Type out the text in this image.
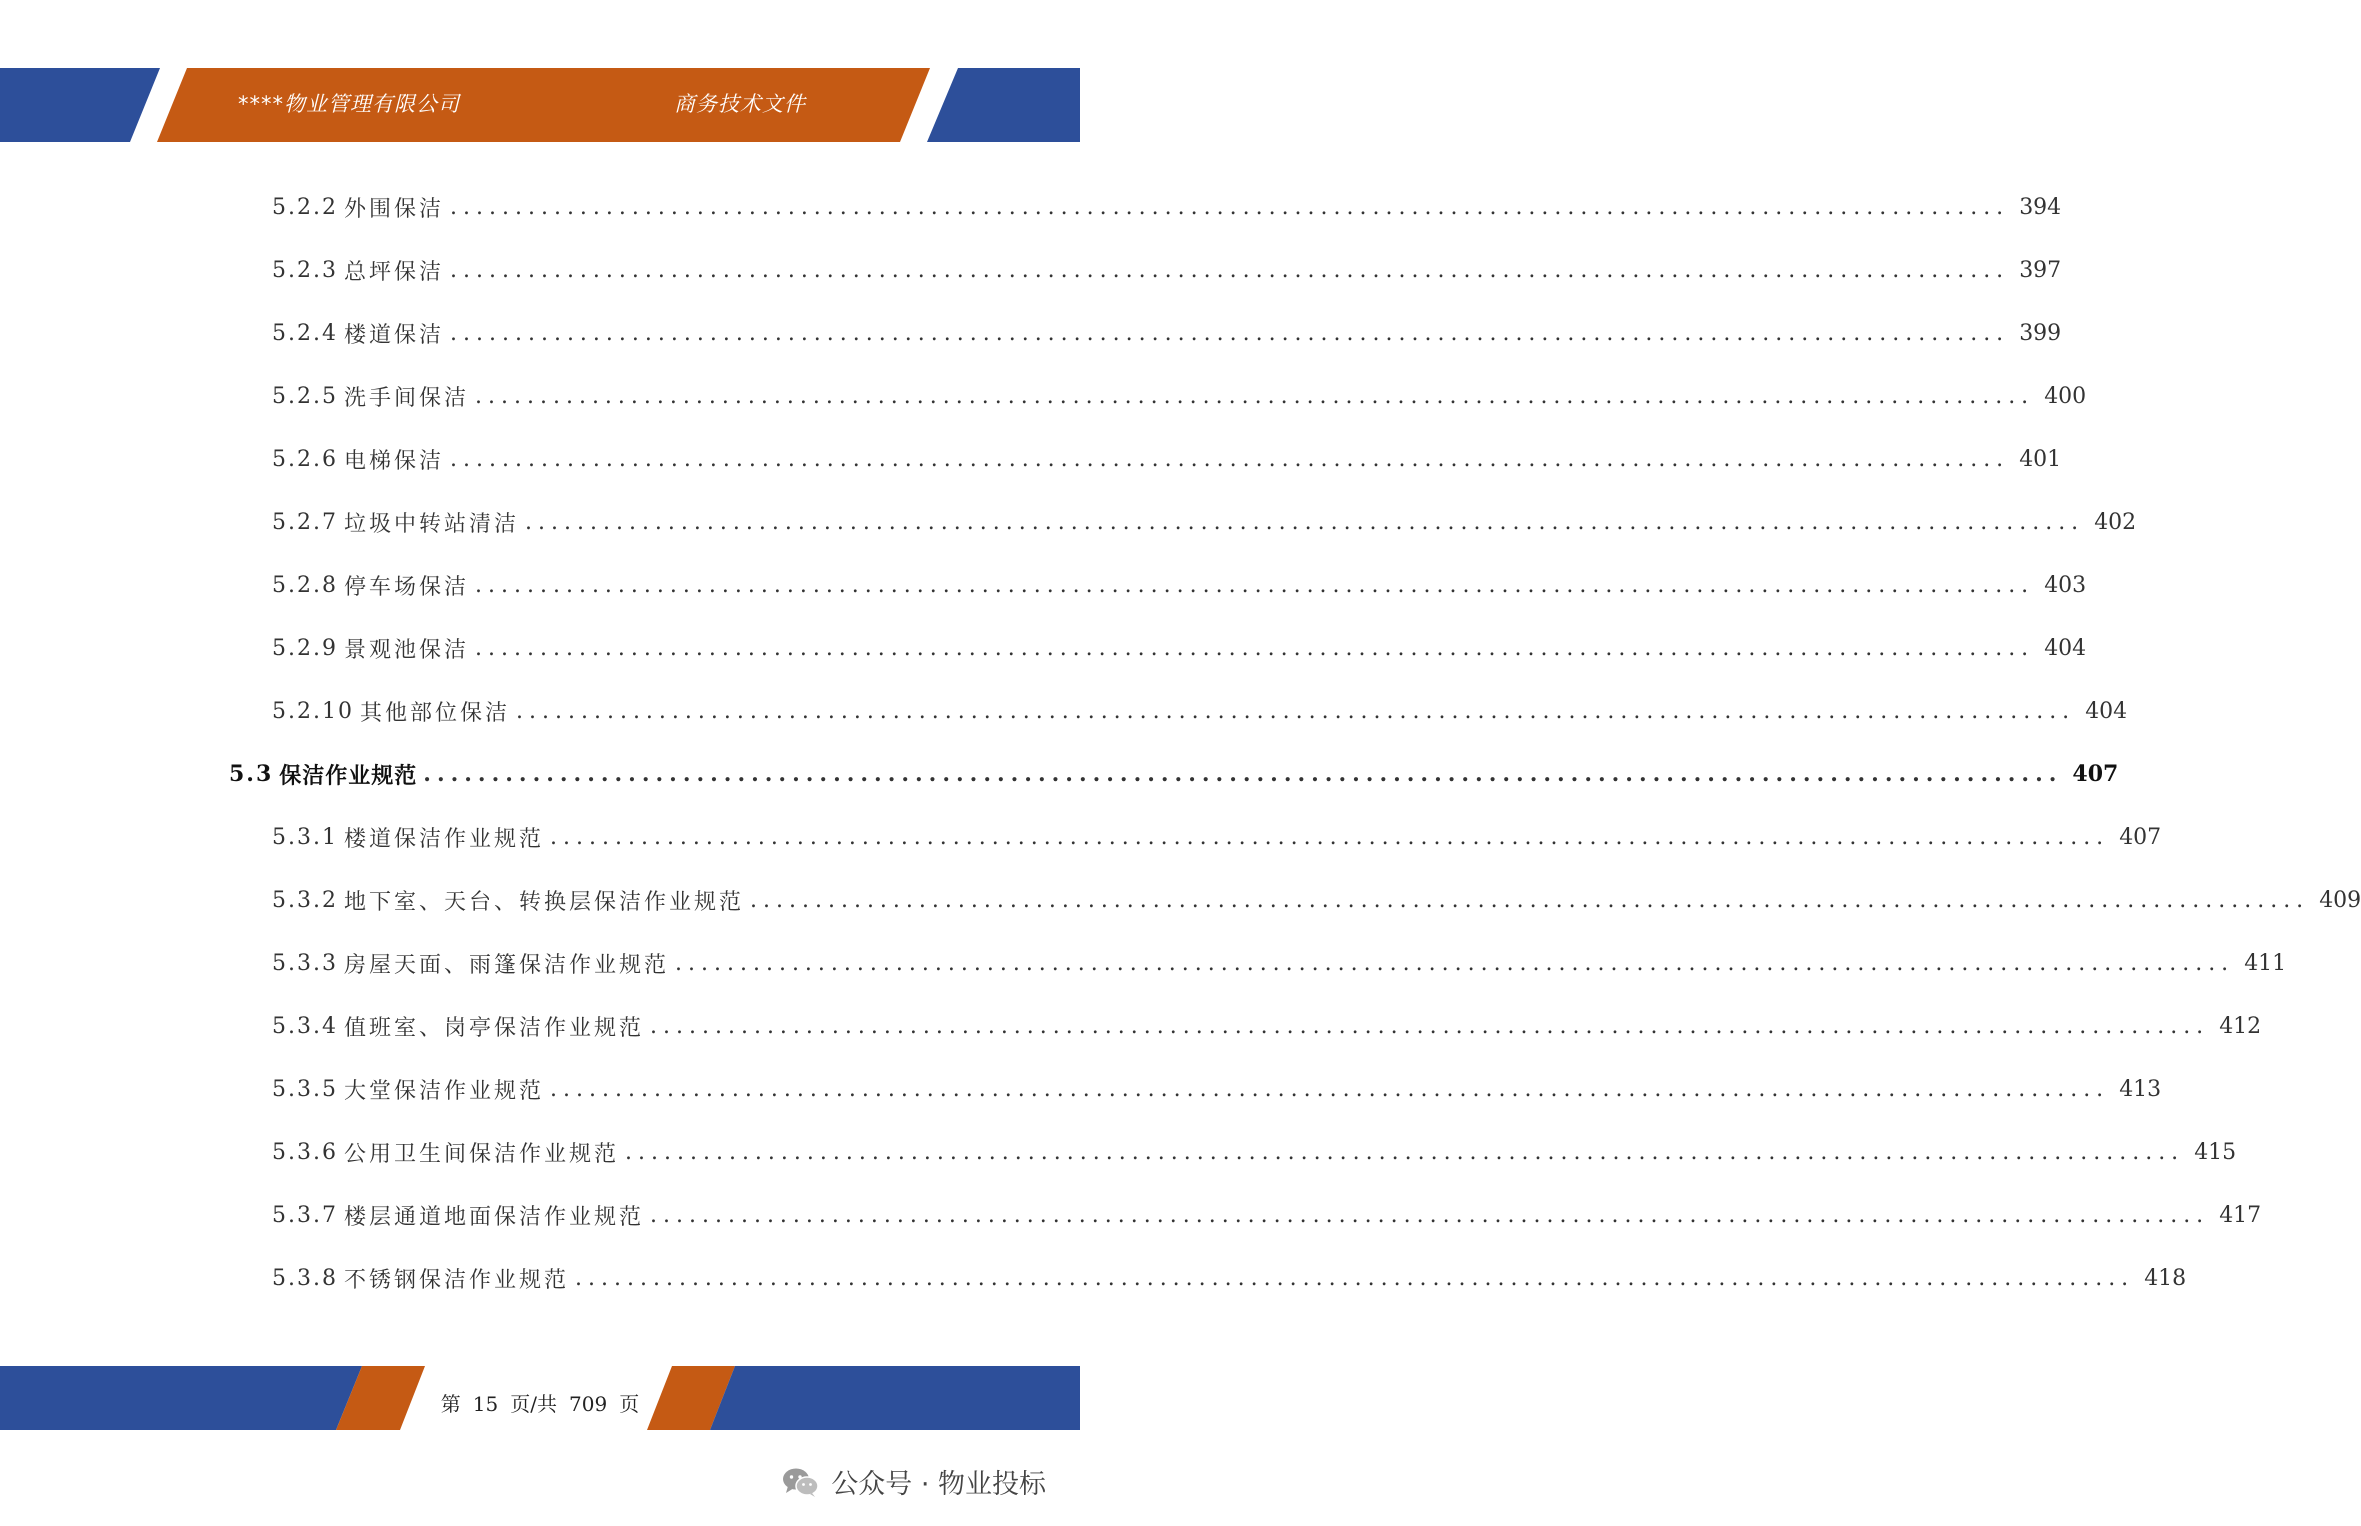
****物业管理有限公司	商务技术文件
5.2.2 外围保洁 ........................................................................................................................ 394
5.2.3 总坪保洁 ........................................................................................................................ 397
5.2.4 楼道保洁 ........................................................................................................................ 399
5.2.5 洗手间保洁 ........................................................................................................................ 400
5.2.6 电梯保洁 ........................................................................................................................ 401
5.2.7 垃圾中转站清洁 ........................................................................................................................ 402
5.2.8 停车场保洁 ........................................................................................................................ 403
5.2.9 景观池保洁 ........................................................................................................................ 404
5.2.10 其他部位保洁 ........................................................................................................................ 404
5.3 保洁作业规范 ........................................................................................................................ 407
5.3.1 楼道保洁作业规范 ........................................................................................................................ 407
5.3.2 地下室、天台、转换层保洁作业规范 ........................................................................................................................ 409
5.3.3 房屋天面、雨篷保洁作业规范 ........................................................................................................................ 411
5.3.4 值班室、岗亭保洁作业规范 ........................................................................................................................ 412
5.3.5 大堂保洁作业规范 ........................................................................................................................ 413
5.3.6 公用卫生间保洁作业规范 ........................................................................................................................ 415
5.3.7 楼层通道地面保洁作业规范 ........................................................................................................................ 417
5.3.8 不锈钢保洁作业规范 ........................................................................................................................ 418
第 15 页/共 709 页
公众号 · 物业投标
